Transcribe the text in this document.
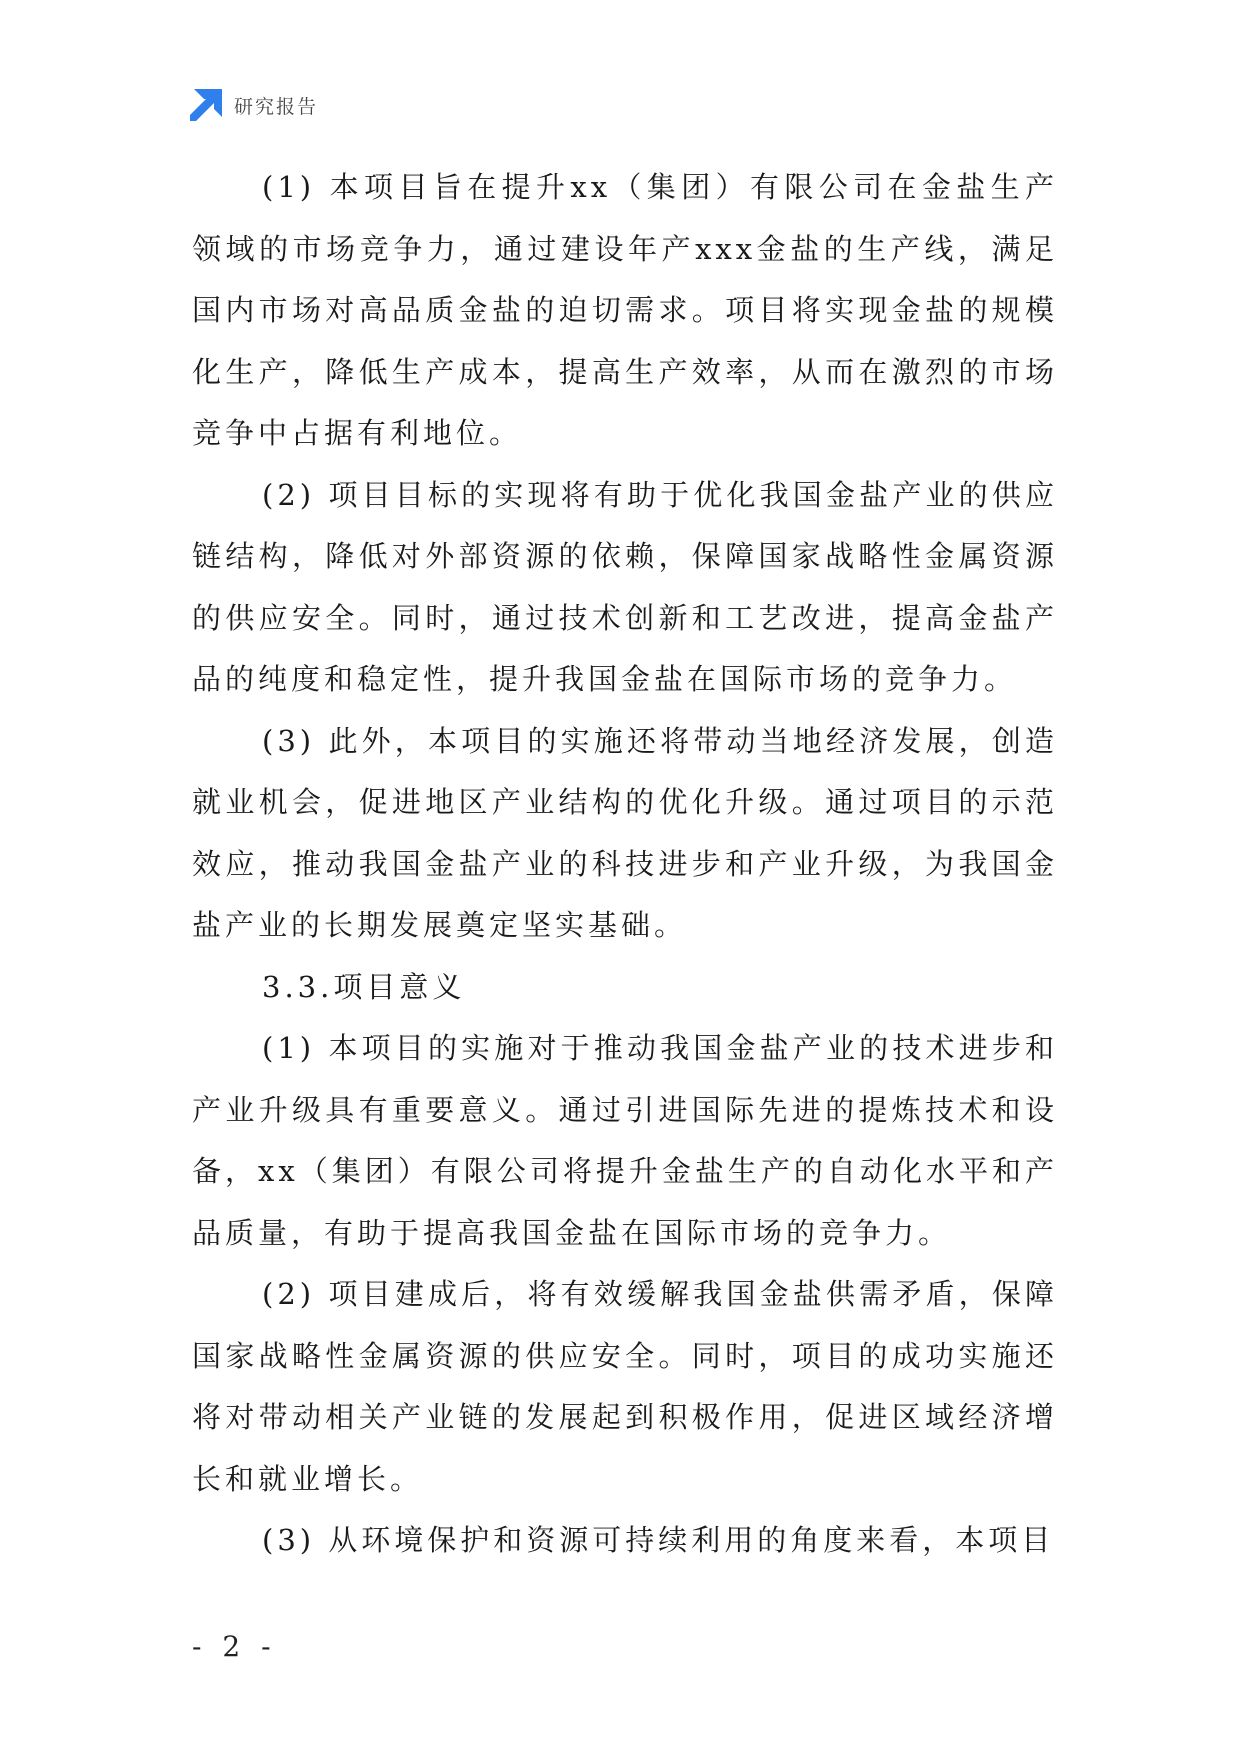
研究报告

(1) 本项目旨在提升xx（集团）有限公司在金盐生产领域的市场竞争力，通过建设年产xxx金盐的生产线，满足国内市场对高品质金盐的迫切需求。项目将实现金盐的规模化生产，降低生产成本，提高生产效率，从而在激烈的市场竞争中占据有利地位。

(2) 项目目标的实现将有助于优化我国金盐产业的供应链结构，降低对外部资源的依赖，保障国家战略性金属资源的供应安全。同时，通过技术创新和工艺改进，提高金盐产品的纯度和稳定性，提升我国金盐在国际市场的竞争力。

(3) 此外，本项目的实施还将带动当地经济发展，创造就业机会，促进地区产业结构的优化升级。通过项目的示范效应，推动我国金盐产业的科技进步和产业升级，为我国金盐产业的长期发展奠定坚实基础。

3.3.项目意义

(1) 本项目的实施对于推动我国金盐产业的技术进步和产业升级具有重要意义。通过引进国际先进的提炼技术和设备，xx（集团）有限公司将提升金盐生产的自动化水平和产品质量，有助于提高我国金盐在国际市场的竞争力。

(2) 项目建成后，将有效缓解我国金盐供需矛盾，保障国家战略性金属资源的供应安全。同时，项目的成功实施还将对带动相关产业链的发展起到积极作用，促进区域经济增长和就业增长。

(3) 从环境保护和资源可持续利用的角度来看，本项目

- 2 -
